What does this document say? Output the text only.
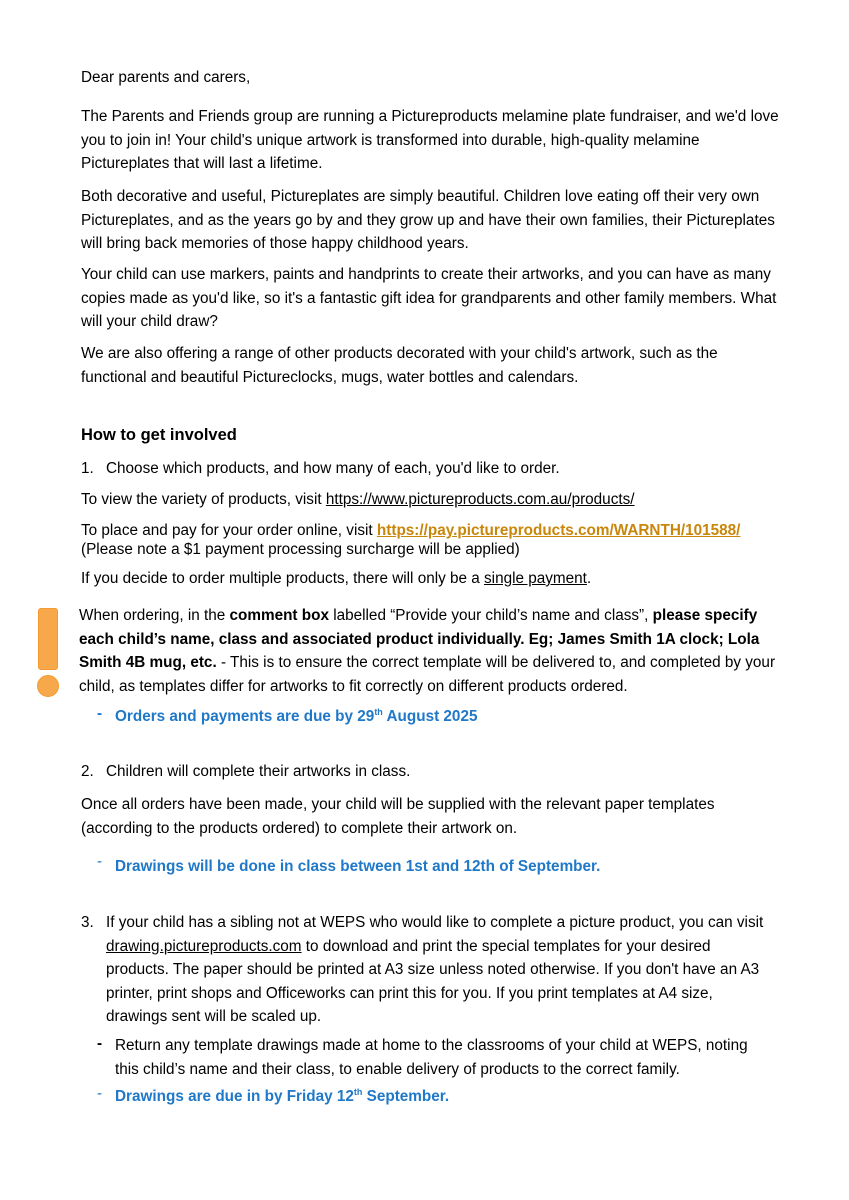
Dear parents and carers,

The Parents and Friends group are running a Pictureproducts melamine plate fundraiser, and we'd love you to join in! Your child's unique artwork is transformed into durable, high-quality melamine Pictureplates that will last a lifetime.

Both decorative and useful, Pictureplates are simply beautiful. Children love eating off their very own Pictureplates, and as the years go by and they grow up and have their own families, their Pictureplates will bring back memories of those happy childhood years.

Your child can use markers, paints and handprints to create their artworks, and you can have as many copies made as you'd like, so it's a fantastic gift idea for grandparents and other family members. What will your child draw?

We are also offering a range of other products decorated with your child's artwork, such as the functional and beautiful Pictureclocks, mugs, water bottles and calendars.

How to get involved

1. Choose which products, and how many of each, you'd like to order.

To view the variety of products, visit https://www.pictureproducts.com.au/products/

To place and pay for your order online, visit https://pay.pictureproducts.com/WARNTH/101588/

(Please note a $1 payment processing surcharge will be applied)

If you decide to order multiple products, there will only be a single payment.

When ordering, in the comment box labelled “Provide your child’s name and class”, please specify each child’s name, class and associated product individually. Eg; James Smith 1A clock; Lola Smith 4B mug, etc. - This is to ensure the correct template will be delivered to, and completed by your child, as templates differ for artworks to fit correctly on different products ordered.

- Orders and payments are due by 29th August 2025

2. Children will complete their artworks in class.

Once all orders have been made, your child will be supplied with the relevant paper templates (according to the products ordered) to complete their artwork on.

- Drawings will be done in class between 1st and 12th of September.

3. If your child has a sibling not at WEPS who would like to complete a picture product, you can visit drawing.pictureproducts.com to download and print the special templates for your desired products. The paper should be printed at A3 size unless noted otherwise. If you don't have an A3 printer, print shops and Officeworks can print this for you. If you print templates at A4 size, drawings sent will be scaled up.

- Return any template drawings made at home to the classrooms of your child at WEPS, noting this child’s name and their class, to enable delivery of products to the correct family.

- Drawings are due in by Friday 12th September.
